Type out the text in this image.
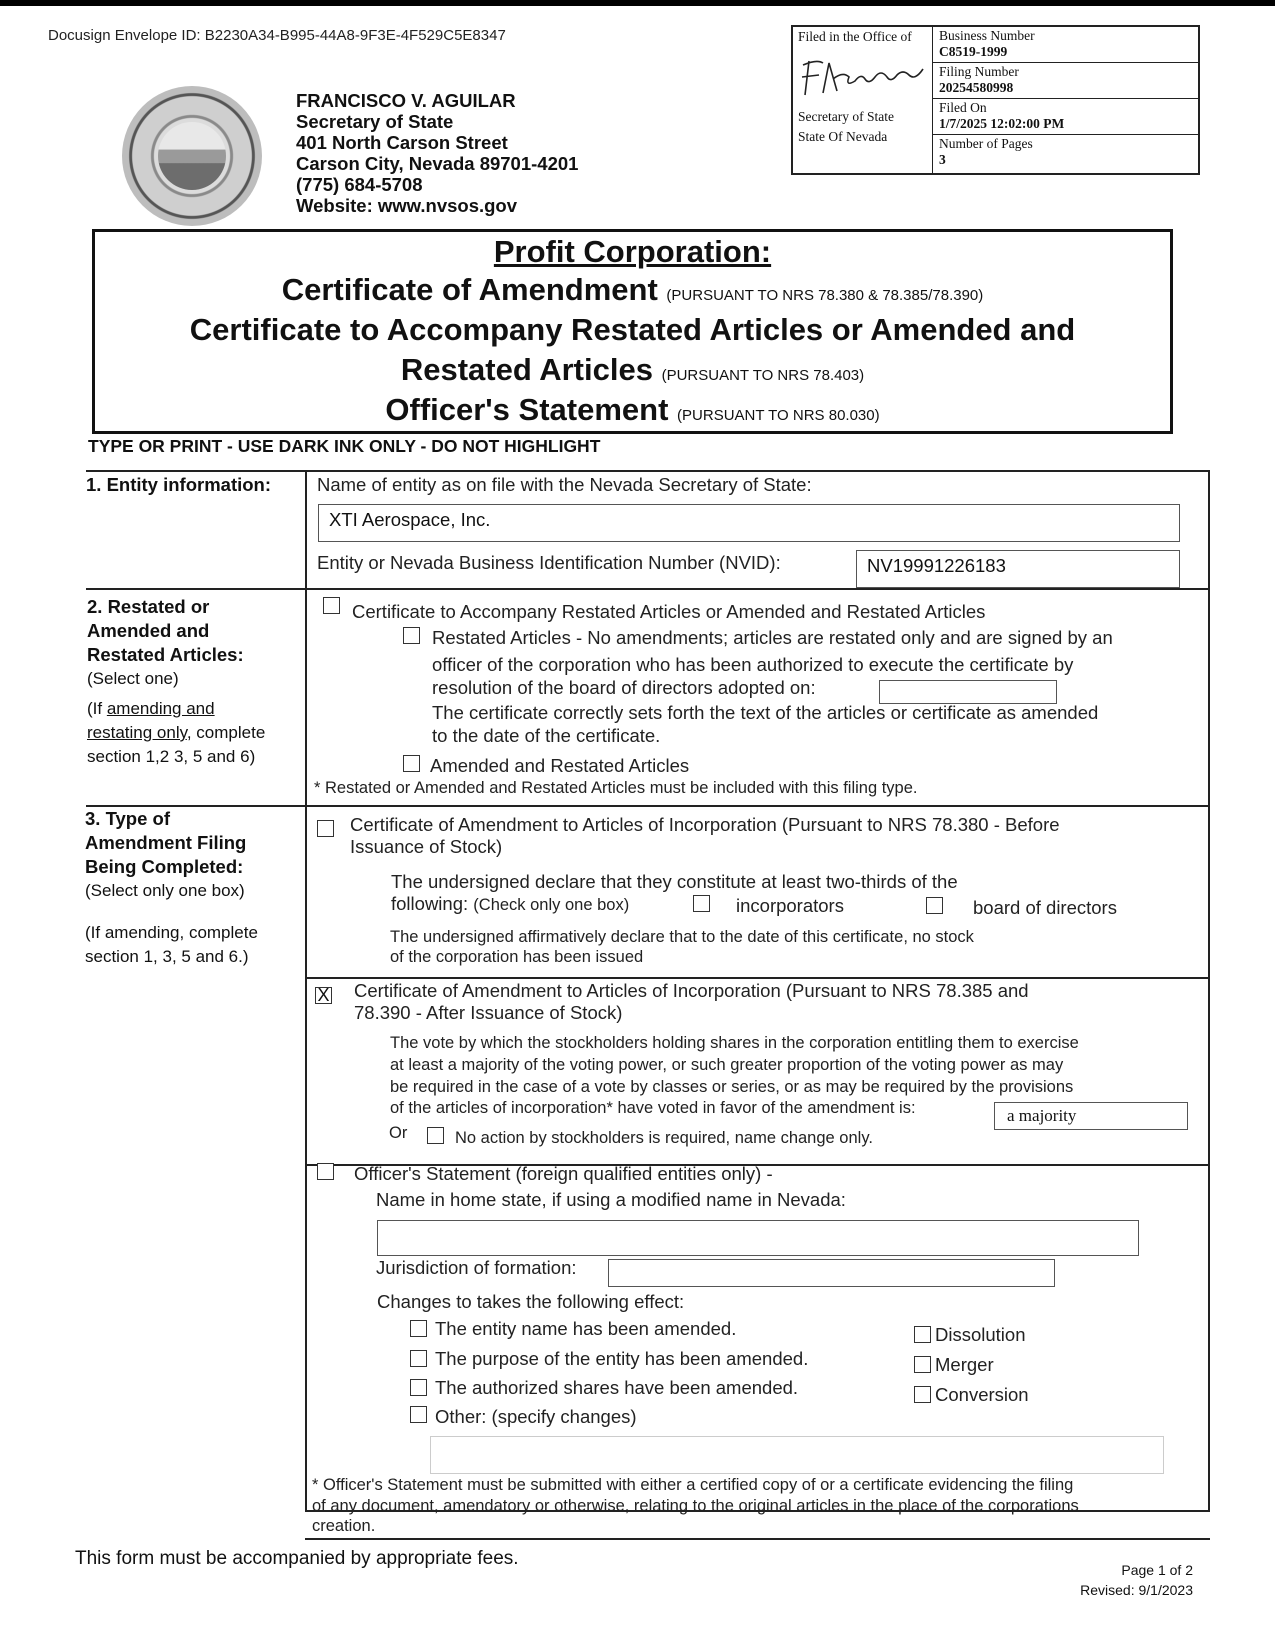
Docusign Envelope ID: B2230A34-B995-44A8-9F3E-4F529C5E8347
FRANCISCO V. AGUILAR
Secretary of State
401 North Carson Street
Carson City, Nevada 89701-4201
(775) 684-5708
Website: www.nvsos.gov
Filed in the Office of
Secretary of State
State Of Nevada
Business Number
C8519-1999
Filing Number
20254580998
Filed On
1/7/2025 12:02:00 PM
Number of Pages
3
Profit Corporation:
Certificate of Amendment (PURSUANT TO NRS 78.380 & 78.385/78.390)
Certificate to Accompany Restated Articles or Amended and
Restated Articles (PURSUANT TO NRS 78.403)
Officer's Statement (PURSUANT TO NRS 80.030)
TYPE OR PRINT - USE DARK INK ONLY - DO NOT HIGHLIGHT
1. Entity information: Name of entity as on file with the Nevada Secretary of State:
XTI Aerospace, Inc.
Entity or Nevada Business Identification Number (NVID):	NV19991226183
2. Restated or
Amended and
Restated Articles:
(Select one)
(If amending and
restating only, complete
section 1,2 3, 5 and 6)
Certificate to Accompany Restated Articles or Amended and Restated Articles
Restated Articles - No amendments; articles are restated only and are signed by an
officer of the corporation who has been authorized to execute the certificate by
resolution of the board of directors adopted on:
The certificate correctly sets forth the text of the articles or certificate as amended
to the date of the certificate.
Amended and Restated Articles
* Restated or Amended and Restated Articles must be included with this filing type.
3. Type of
Amendment Filing
Being Completed:
(Select only one box)
(If amending, complete
section 1, 3, 5 and 6.)
Certificate of Amendment to Articles of Incorporation (Pursuant to NRS 78.380 - Before
Issuance of Stock)
The undersigned declare that they constitute at least two-thirds of the
following: (Check only one box)	incorporators	board of directors
The undersigned affirmatively declare that to the date of this certificate, no stock
of the corporation has been issued
X Certificate of Amendment to Articles of Incorporation (Pursuant to NRS 78.385 and
78.390 - After Issuance of Stock)
The vote by which the stockholders holding shares in the corporation entitling them to exercise
at least a majority of the voting power, or such greater proportion of the voting power as may
be required in the case of a vote by classes or series, or as may be required by the provisions
of the articles of incorporation* have voted in favor of the amendment is:	a majority
Or	No action by stockholders is required, name change only.
Officer's Statement (foreign qualified entities only) -
Name in home state, if using a modified name in Nevada:
Jurisdiction of formation:
Changes to takes the following effect:
The entity name has been amended.
The purpose of the entity has been amended.
The authorized shares have been amended.
Other: (specify changes)
Dissolution
Merger
Conversion
* Officer's Statement must be submitted with either a certified copy of or a certificate evidencing the filing
of any document, amendatory or otherwise, relating to the original articles in the place of the corporations
creation.
This form must be accompanied by appropriate fees.
Page 1 of 2
Revised: 9/1/2023
